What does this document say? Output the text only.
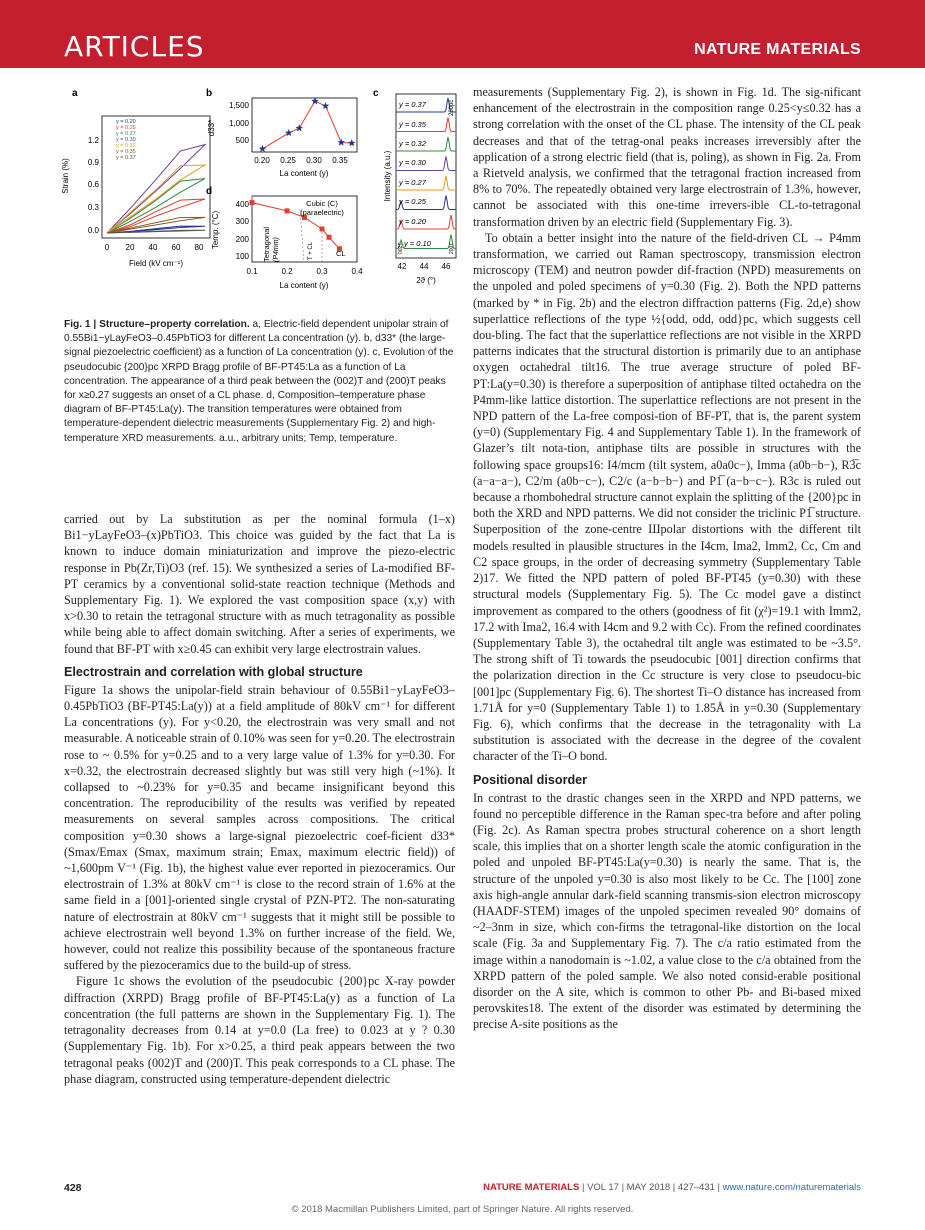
ARTICLES	NATURE MATERIALS
a	b	c
d
0.0
0.3
0.6
0.9
1.2
0 20 40 60 80
Field (kV cm⁻¹)
Strain (%)
y = 0.20
y = 0.25
y = 0.27
y = 0.30
y = 0.32
y = 0.35
y = 0.37
500
1,000
1,500
0.20 0.25 0.30 0.35
La content (y)
d33*
Cubic (C)
(paraelectric)
Tetragonal (P4mm)	T + CL	CL
100
200
300
400
0.1	0.2	0.3	0.4
La content (y)
Temp. (°C)
y = 0.37
y = 0.35
y = 0.32
y = 0.30
y = 0.27
y = 0.25
y = 0.20
y = 0.10
200pc
002T	200T
42 44 46
2ϑ (°)
Intensity (a.u.)
Fig. 1 | Structure–property correlation. a, Electric-field dependent unipolar strain of 0.55Bi1−yLayFeO3–0.45PbTiO3 for different La concentration (y). b, d33* (the large-signal piezoelectric coefficient) as a function of La concentration (y). c, Evolution of the pseudocubic {200}pc XRPD Bragg profile of BF-PT45:La as a function of La concentration. The appearance of a third peak between the (002)T and (200)T peaks for x≥0.27 suggests an onset of a CL phase. d, Composition–temperature phase diagram of BF-PT45:La(y). The transition temperatures were obtained from temperature-dependent dielectric measurements (Supplementary Fig. 2) and high-temperature XRD measurements. a.u., arbitrary units; Temp, temperature.

carried out by La substitution as per the nominal formula (1–x) Bi1−yLayFeO3–(x)PbTiO3. This choice was guided by the fact that La is known to induce domain miniaturization and improve the piezo-electric response in Pb(Zr,Ti)O3 (ref. 15). We synthesized a series of La-modified BF-PT ceramics by a conventional solid-state reaction technique (Methods and Supplementary Fig. 1). We explored the vast composition space (x,y) with x>0.30 to retain the tetragonal structure with as much tetragonality as possible while being able to affect domain switching. After a series of experiments, we found that BF-PT with x≥0.45 can exhibit very large electrostrain values.

Electrostrain and correlation with global structure

Figure 1a shows the unipolar-field strain behaviour of 0.55Bi1−yLayFeO3–0.45PbTiO3 (BF-PT45:La(y)) at a field amplitude of 80kV cm⁻¹ for different La concentrations (y). For y<0.20, the electrostrain was very small and not measurable. A noticeable strain of 0.10% was seen for y=0.20. The electrostrain rose to ~ 0.5% for y=0.25 and to a very large value of 1.3% for y=0.30. For x=0.32, the electrostrain decreased slightly but was still very high (~1%). It collapsed to ~0.23% for y=0.35 and became insignificant beyond this concentration. The reproducibility of the results was verified by repeated measurements on several samples across compositions. The critical composition y=0.30 shows a large-signal piezoelectric coef-ficient d33* (Smax/Emax (Smax, maximum strain; Emax, maximum electric field)) of ~1,600pm V⁻¹ (Fig. 1b), the highest value ever reported in piezoceramics. Our electrostrain of 1.3% at 80kV cm⁻¹ is close to the record strain of 1.6% at the same field in a [001]-oriented single crystal of PZN-PT2. The non-saturating nature of electrostrain at 80kV cm⁻¹ suggests that it might still be possible to achieve electrostrain well beyond 1.3% on further increase of the field. We, however, could not realize this possibility because of the spontaneous fracture suffered by the piezoceramics due to the build-up of stress.

Figure 1c shows the evolution of the pseudocubic {200}pc X-ray powder diffraction (XRPD) Bragg profile of BF-PT45:La(y) as a function of La concentration (the full patterns are shown in the Supplementary Fig. 1). The tetragonality decreases from 0.14 at y=0.0 (La free) to 0.023 at y ? 0.30 (Supplementary Fig. 1b). For x>0.25, a third peak appears between the two tetragonal peaks (002)T and (200)T. This peak corresponds to a CL phase. The phase diagram, constructed using temperature-dependent dielectric

measurements (Supplementary Fig. 2), is shown in Fig. 1d. The sig-nificant enhancement of the electrostrain in the composition range 0.25<y≤0.32 has a strong correlation with the onset of the CL phase. The intensity of the CL peak decreases and that of the tetrag-onal peaks increases irreversibly after the application of a strong electric field (that is, poling), as shown in Fig. 2a. From a Rietveld analysis, we confirmed that the tetragonal fraction increased from 8% to 70%. The repeatedly obtained very large electrostrain of 1.3%, however, cannot be associated with this one-time irrevers-ible CL-to-tetragonal transformation driven by an electric field (Supplementary Fig. 3).

To obtain a better insight into the nature of the field-driven CL → P4mm transformation, we carried out Raman spectroscopy, transmission electron microscopy (TEM) and neutron powder dif-fraction (NPD) measurements on the unpoled and poled specimens of y=0.30 (Fig. 2). Both the NPD patterns (marked by * in Fig. 2b) and the electron diffraction patterns (Fig. 2d,e) show superlattice reflections of the type ½{odd, odd, odd}pc, which suggests cell dou-bling. The fact that the superlattice reflections are not visible in the XRPD patterns indicates that the structural distortion is primarily due to an antiphase oxygen octahedral tilt16. The true average structure of poled BF-PT:La(y=0.30) is therefore a superposition of antiphase tilted octahedra on the P4mm-like lattice distortion. The superlattice reflections are not present in the NPD pattern of the La-free composi-tion of BF-PT, that is, the parent system (y=0) (Supplementary Fig. 4 and Supplementary Table 1). In the framework of Glazer’s tilt nota-tion, antiphase tilts are possible in structures with the following space groups16: I4/mcm (tilt system, a0a0c−), Imma (a0b−b−), R3̅c (a−a−a−), C2/m (a0b−c−), C2/c (a−b−b−) and P1̅ (a−b−c−). R3c is ruled out because a rhombohedral structure cannot explain the splitting of the {200}pc in both the XRD and NPD patterns. We did not consider the triclinic P1̅ structure. Superposition of the zone-centre Шpolar distortions with the different tilt models resulted in plausible structures in the I4cm, Ima2, Imm2, Cc, Cm and C2 space groups, in the order of decreasing symmetry (Supplementary Table 2)17. We fitted the NPD pattern of poled BF-PT45 (y=0.30) with these structural models (Supplementary Fig. 5). The Cc model gave a distinct improvement as compared to the others (goodness of fit (χ²)=19.1 with Imm2, 17.2 with Ima2, 16.4 with I4cm and 9.2 with Cc). From the refined coordinates (Supplementary Table 3), the octahedral tilt angle was estimated to be ~3.5°. The strong shift of Ti towards the pseudocubic [001] direction confirms that the polarization direction in the Cc structure is very close to pseudocu-bic [001]pc (Supplementary Fig. 6). The shortest Ti–O distance has increased from 1.71Å for y=0 (Supplementary Table 1) to 1.85Å in y=0.30 (Supplementary Fig. 6), which confirms that the decrease in the tetragonality with La substitution is associated with the decrease in the degree of the covalent character of the Ti–O bond.

Positional disorder

In contrast to the drastic changes seen in the XRPD and NPD patterns, we found no perceptible difference in the Raman spec-tra before and after poling (Fig. 2c). As Raman spectra probes structural coherence on a short length scale, this implies that on a shorter length scale the atomic configuration in the poled and unpoled BF-PT45:La(y=0.30) is nearly the same. That is, the structure of the unpoled y=0.30 is also most likely to be Cc. The [100] zone axis high-angle annular dark-field scanning transmis-sion electron microscopy (HAADF-STEM) images of the unpoled specimen revealed 90° domains of ~2–3nm in size, which con-firms the tetragonal-like distortion on the local scale (Fig. 3a and Supplementary Fig. 7). The c/a ratio estimated from the image within a nanodomain is ~1.02, a value close to the c/a obtained from the XRPD pattern of the poled sample. We also noted consid-erable positional disorder on the A site, which is common to other Pb- and Bi-based mixed perovskites18. The extent of the disorder was estimated by determining the precise A-site positions as the

428	NATURE MATERIALS | VOL 17 | MAY 2018 | 427–431 | www.nature.com/naturematerials
© 2018 Macmillan Publishers Limited, part of Springer Nature. All rights reserved.
